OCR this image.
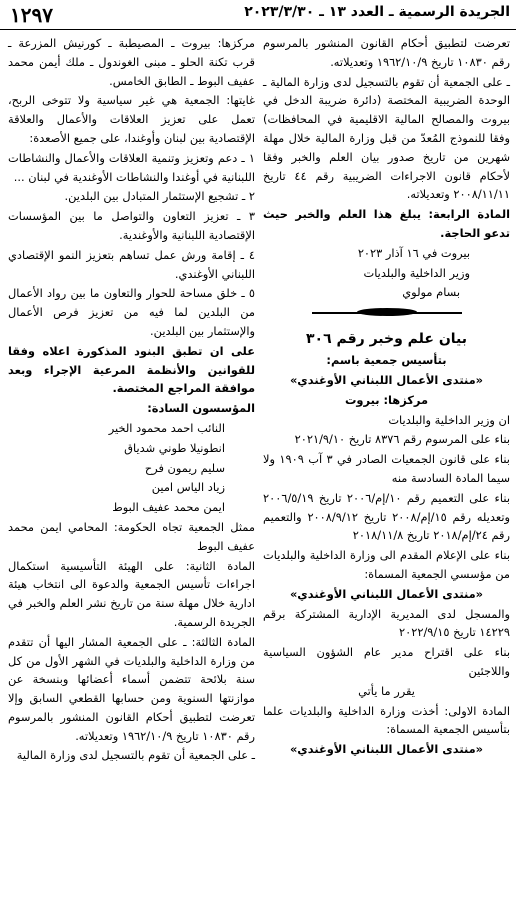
الجريدة الرسمية ـ العدد ١٣ ـ ٢٠٢٣/٣/٣٠
١٢٩٧

تعرضت لتطبيق أحكام القانون المنشور بالمرسوم رقم ١٠٨٣٠ تاريخ ١٩٦٢/١٠/٩ وتعديلاته.

ـ على الجمعية أن تقوم بالتسجيل لدى وزارة المالية ـ الوحدة الضريبية المختصة (دائرة ضريبة الدخل في بيروت والمصالح المالية الاقليمية في المحافظات) وفقا للنموذج المُعدّ من قبل وزارة المالية خلال مهلة شهرين من تاريخ صدور بيان العلم والخبر وفقا لأحكام قانون الاجراءات الضريبية رقم ٤٤ تاريخ ٢٠٠٨/١١/١١ وتعديلاته.

المادة الرابعة: يبلغ هذا العلم والخبر حيث تدعو الحاجة.

بيروت في ١٦ آذار ٢٠٢٣

وزير الداخلية والبلديات

بسام مولوي

بيان علم وخبر رقم ٣٠٦

بتأسيس جمعية باسم:

«منتدى الأعمال اللبناني الأوغندي»

مركزها: بيروت

ان وزير الداخلية والبلديات

بناء على المرسوم رقم ٨٣٧٦ تاريخ ٢٠٢١/٩/١٠

بناء على قانون الجمعيات الصادر في ٣ آب ١٩٠٩ ولا سيما المادة السادسة منه

بناء على التعميم رقم ١٠/إم/٢٠٠٦ تاريخ ٢٠٠٦/٥/١٩ وتعديله رقم ١٥/إم/٢٠٠٨ تاريخ ٢٠٠٨/٩/١٢ والتعميم رقم ٢٤/إم/٢٠١٨ تاريخ ٢٠١٨/١١/٨

بناء على الإعلام المقدم الى وزارة الداخلية والبلديات من مؤسسي الجمعية المسماة:

«منتدى الأعمال اللبناني الأوغندي»

والمسجل لدى المديرية الإدارية المشتركة برقم ١٤٢٢٩ تاريخ ٢٠٢٢/٩/١٥

بناء على اقتراح مدير عام الشؤون السياسية واللاجئين

يقرر ما يأتي

المادة الاولى: أخذت وزارة الداخلية والبلديات علما بتأسيس الجمعية المسماة:

«منتدى الأعمال اللبناني الأوغندي»

مركزها: بيروت ـ المصيطبة ـ كورنيش المزرعة ـ قرب تكنة الحلو ـ مبنى الغوندول ـ ملك أيمن محمد عفيف البوط ـ الطابق الخامس.

غايتها: الجمعية هي غير سياسية ولا تتوخى الربح، تعمل على تعزيز العلاقات والأعمال والعلاقة الإقتصادية بين لبنان وأوغندا، على جميع الأصعدة:

١ ـ دعم وتعزيز وتنمية العلاقات والأعمال والنشاطات اللبنانية في أوغندا والنشاطات الأوغندية في لبنان ...

٢ ـ تشجيع الإستثمار المتبادل بين البلدين.

٣ ـ تعزيز التعاون والتواصل ما بين المؤسسات الإقتصادية اللبنانية والأوغندية.

٤ ـ إقامة ورش عمل تساهم بتعزيز النمو الإقتصادي اللبناني الأوغندي.

٥ ـ خلق مساحة للحوار والتعاون ما بين رواد الأعمال من البلدين لما فيه من تعزيز فرص الأعمال والإستثمار بين البلدين.

على ان تطبق البنود المذكورة اعلاه وفقا للقوانين والأنظمة المرعية الإجراء وبعد موافقة المراجع المختصة.

المؤسسون السادة:

النائب احمد محمود الخير

انطونيلا طوني شدياق

سليم ريمون فرح

زياد الياس امين

ايمن محمد عفيف البوط

ممثل الجمعية تجاه الحكومة: المحامي ايمن محمد عفيف البوط

المادة الثانية: على الهيئة التأسيسية استكمال اجراءات تأسيس الجمعية والدعوة الى انتخاب هيئة ادارية خلال مهلة سنة من تاريخ نشر العلم والخبر في الجريدة الرسمية.

المادة الثالثة: ـ على الجمعية المشار اليها أن تتقدم من وزارة الداخلية والبلديات في الشهر الأول من كل سنة بلائحة تتضمن أسماء أعضائها وبنسخة عن موازنتها السنوية ومن حسابها القطعي السابق وإلا تعرضت لتطبيق أحكام القانون المنشور بالمرسوم رقم ١٠٨٣٠ تاريخ ١٩٦٢/١٠/٩ وتعديلاته.

ـ على الجمعية أن تقوم بالتسجيل لدى وزارة المالية
